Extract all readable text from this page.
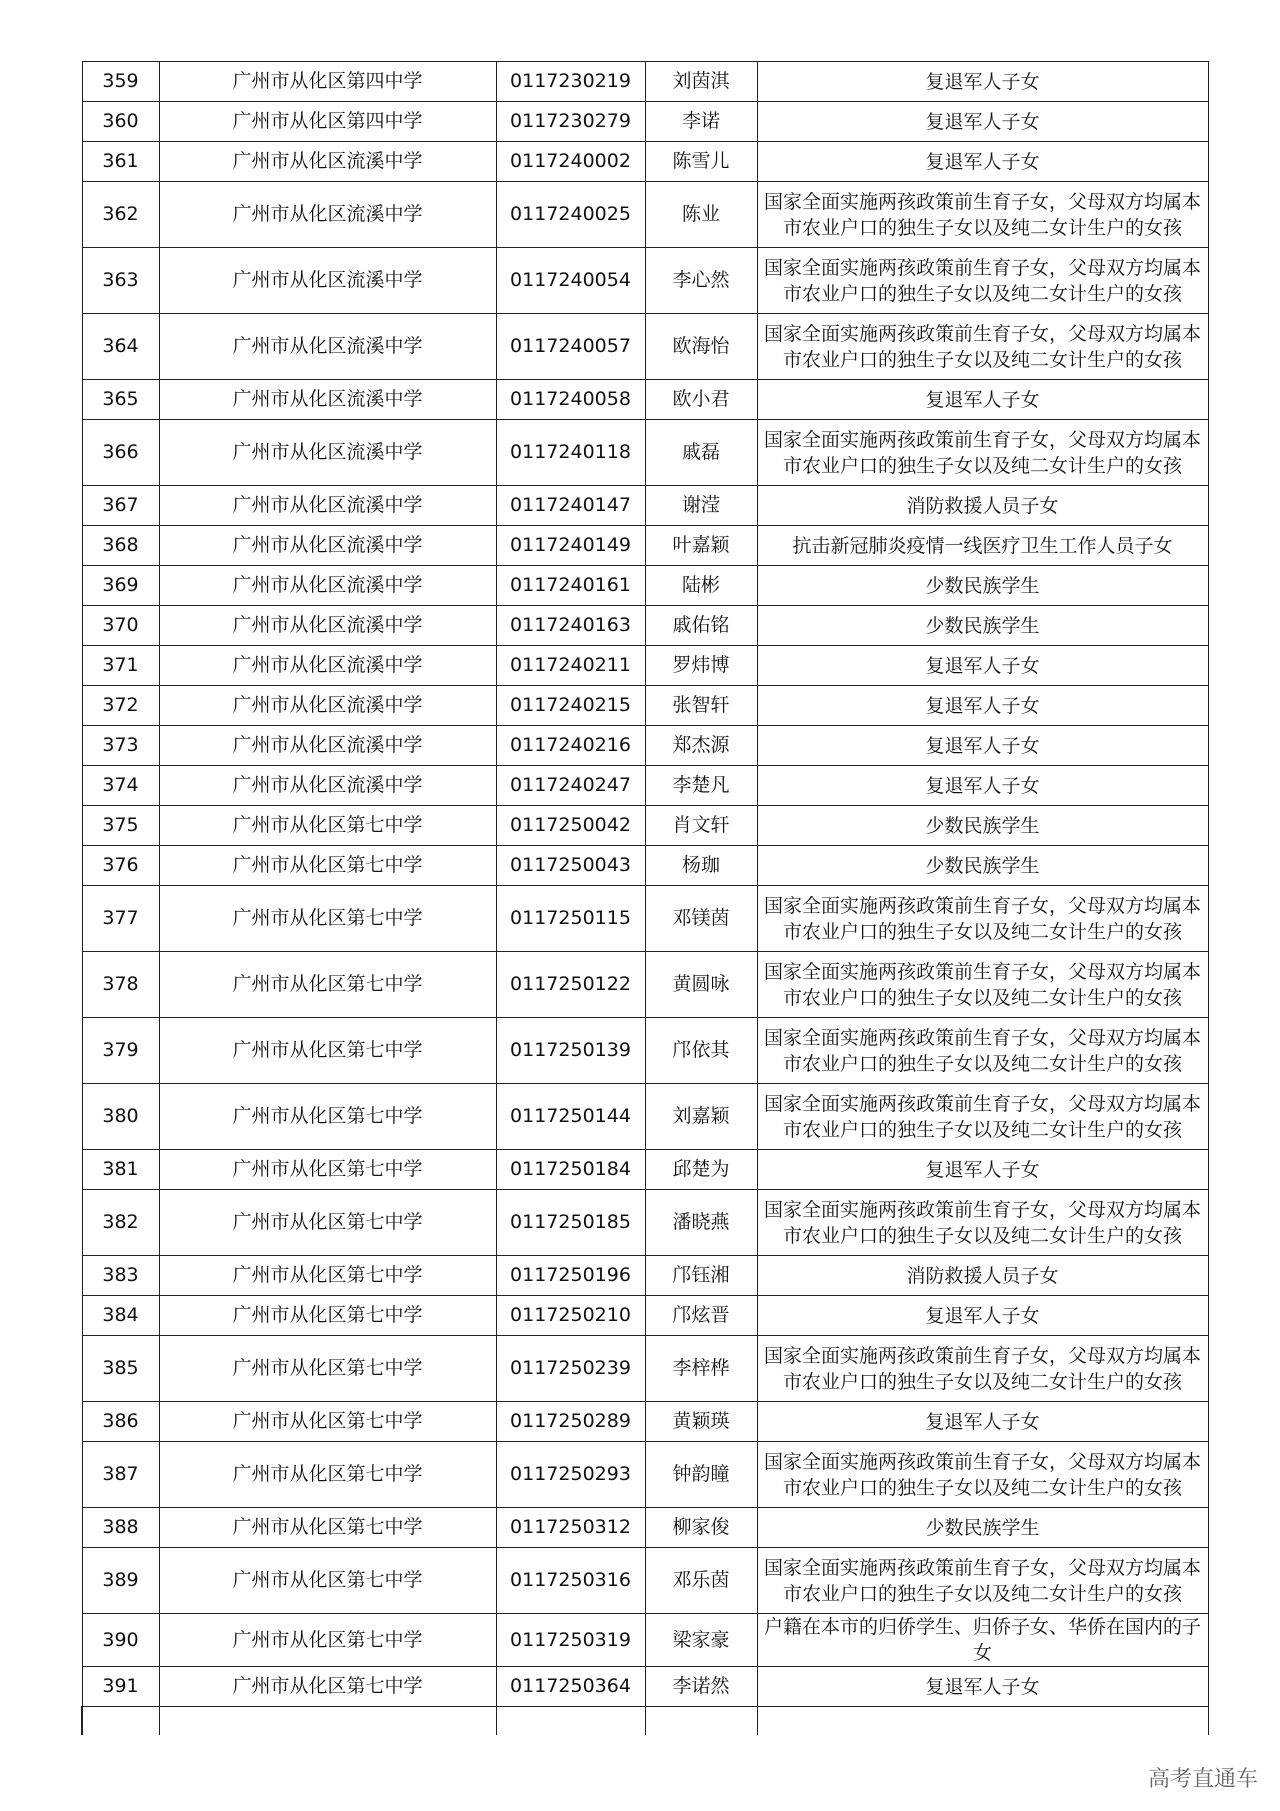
359	广州市从化区第四中学	0117230219	刘茵淇	复退军人子女
360	广州市从化区第四中学	0117230279	李诺	复退军人子女
361	广州市从化区流溪中学	0117240002	陈雪儿	复退军人子女
362	广州市从化区流溪中学	0117240025	陈业	国家全面实施两孩政策前生育子女，父母双方均属本市农业户口的独生子女以及纯二女计生户的女孩
363	广州市从化区流溪中学	0117240054	李心然	国家全面实施两孩政策前生育子女，父母双方均属本市农业户口的独生子女以及纯二女计生户的女孩
364	广州市从化区流溪中学	0117240057	欧海怡	国家全面实施两孩政策前生育子女，父母双方均属本市农业户口的独生子女以及纯二女计生户的女孩
365	广州市从化区流溪中学	0117240058	欧小君	复退军人子女
366	广州市从化区流溪中学	0117240118	戚磊	国家全面实施两孩政策前生育子女，父母双方均属本市农业户口的独生子女以及纯二女计生户的女孩
367	广州市从化区流溪中学	0117240147	谢滢	消防救援人员子女
368	广州市从化区流溪中学	0117240149	叶嘉颖	抗击新冠肺炎疫情一线医疗卫生工作人员子女
369	广州市从化区流溪中学	0117240161	陆彬	少数民族学生
370	广州市从化区流溪中学	0117240163	戚佑铭	少数民族学生
371	广州市从化区流溪中学	0117240211	罗炜博	复退军人子女
372	广州市从化区流溪中学	0117240215	张智轩	复退军人子女
373	广州市从化区流溪中学	0117240216	郑杰源	复退军人子女
374	广州市从化区流溪中学	0117240247	李楚凡	复退军人子女
375	广州市从化区第七中学	0117250042	肖文轩	少数民族学生
376	广州市从化区第七中学	0117250043	杨珈	少数民族学生
377	广州市从化区第七中学	0117250115	邓镁茵	国家全面实施两孩政策前生育子女，父母双方均属本市农业户口的独生子女以及纯二女计生户的女孩
378	广州市从化区第七中学	0117250122	黄圆咏	国家全面实施两孩政策前生育子女，父母双方均属本市农业户口的独生子女以及纯二女计生户的女孩
379	广州市从化区第七中学	0117250139	邝依其	国家全面实施两孩政策前生育子女，父母双方均属本市农业户口的独生子女以及纯二女计生户的女孩
380	广州市从化区第七中学	0117250144	刘嘉颖	国家全面实施两孩政策前生育子女，父母双方均属本市农业户口的独生子女以及纯二女计生户的女孩
381	广州市从化区第七中学	0117250184	邱楚为	复退军人子女
382	广州市从化区第七中学	0117250185	潘晓燕	国家全面实施两孩政策前生育子女，父母双方均属本市农业户口的独生子女以及纯二女计生户的女孩
383	广州市从化区第七中学	0117250196	邝钰湘	消防救援人员子女
384	广州市从化区第七中学	0117250210	邝炫晋	复退军人子女
385	广州市从化区第七中学	0117250239	李梓桦	国家全面实施两孩政策前生育子女，父母双方均属本市农业户口的独生子女以及纯二女计生户的女孩
386	广州市从化区第七中学	0117250289	黄颖瑛	复退军人子女
387	广州市从化区第七中学	0117250293	钟韵瞳	国家全面实施两孩政策前生育子女，父母双方均属本市农业户口的独生子女以及纯二女计生户的女孩
388	广州市从化区第七中学	0117250312	柳家俊	少数民族学生
389	广州市从化区第七中学	0117250316	邓乐茵	国家全面实施两孩政策前生育子女，父母双方均属本市农业户口的独生子女以及纯二女计生户的女孩
390	广州市从化区第七中学	0117250319	梁家豪	户籍在本市的归侨学生、归侨子女、华侨在国内的子女
391	广州市从化区第七中学	0117250364	李诺然	复退军人子女

高考直通车
